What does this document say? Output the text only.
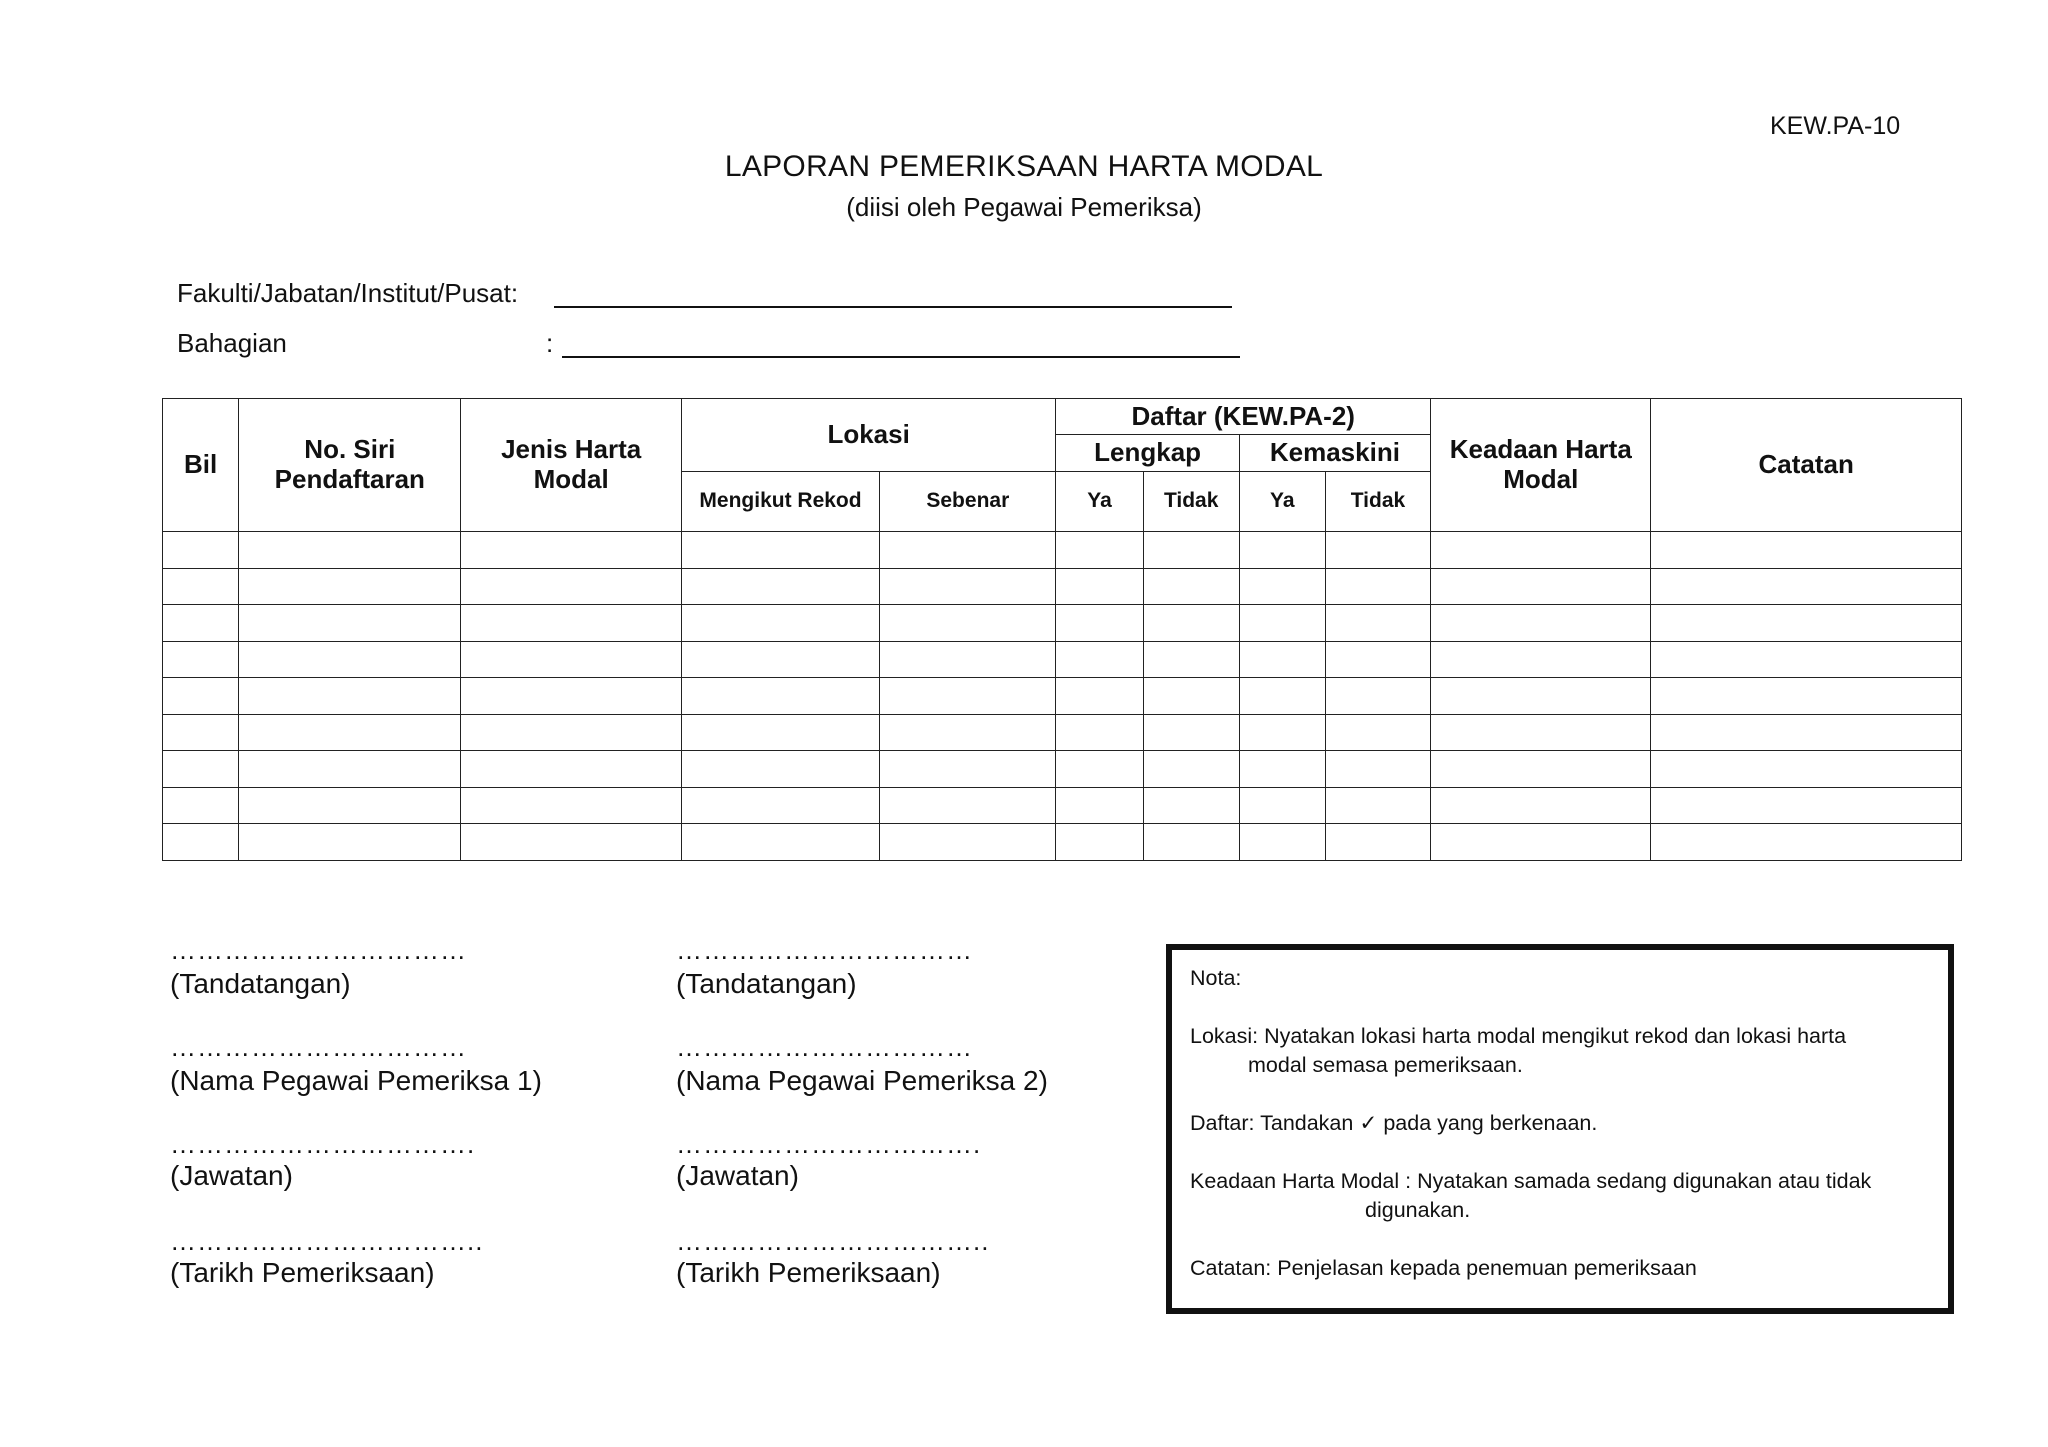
KEW.PA-10
LAPORAN PEMERIKSAAN HARTA MODAL
(diisi oleh Pegawai Pemeriksa)
Fakulti/Jabatan/Institut/Pusat:
Bahagian	:
Bil	No. Siri Pendaftaran	Jenis Harta Modal	Lokasi		Daftar (KEW.PA-2)				Keadaan Harta Modal	Catatan
					Lengkap		Kemaskini			
			Mengikut Rekod	Sebenar	Ya	Tidak	Ya	Tidak		

……………………………
(Tandatangan)
……………………………
(Nama Pegawai Pemeriksa 1)
…………………………….
(Jawatan)
……………………………..
(Tarikh Pemeriksaan)
……………………………
(Tandatangan)
……………………………
(Nama Pegawai Pemeriksa 2)
…………………………….
(Jawatan)
……………………………..
(Tarikh Pemeriksaan)

Nota:

Lokasi: Nyatakan lokasi harta modal mengikut rekod dan lokasi harta
modal semasa pemeriksaan.

Daftar: Tandakan ✓ pada yang berkenaan.

Keadaan Harta Modal : Nyatakan samada sedang digunakan atau tidak
digunakan.

Catatan: Penjelasan kepada penemuan pemeriksaan
